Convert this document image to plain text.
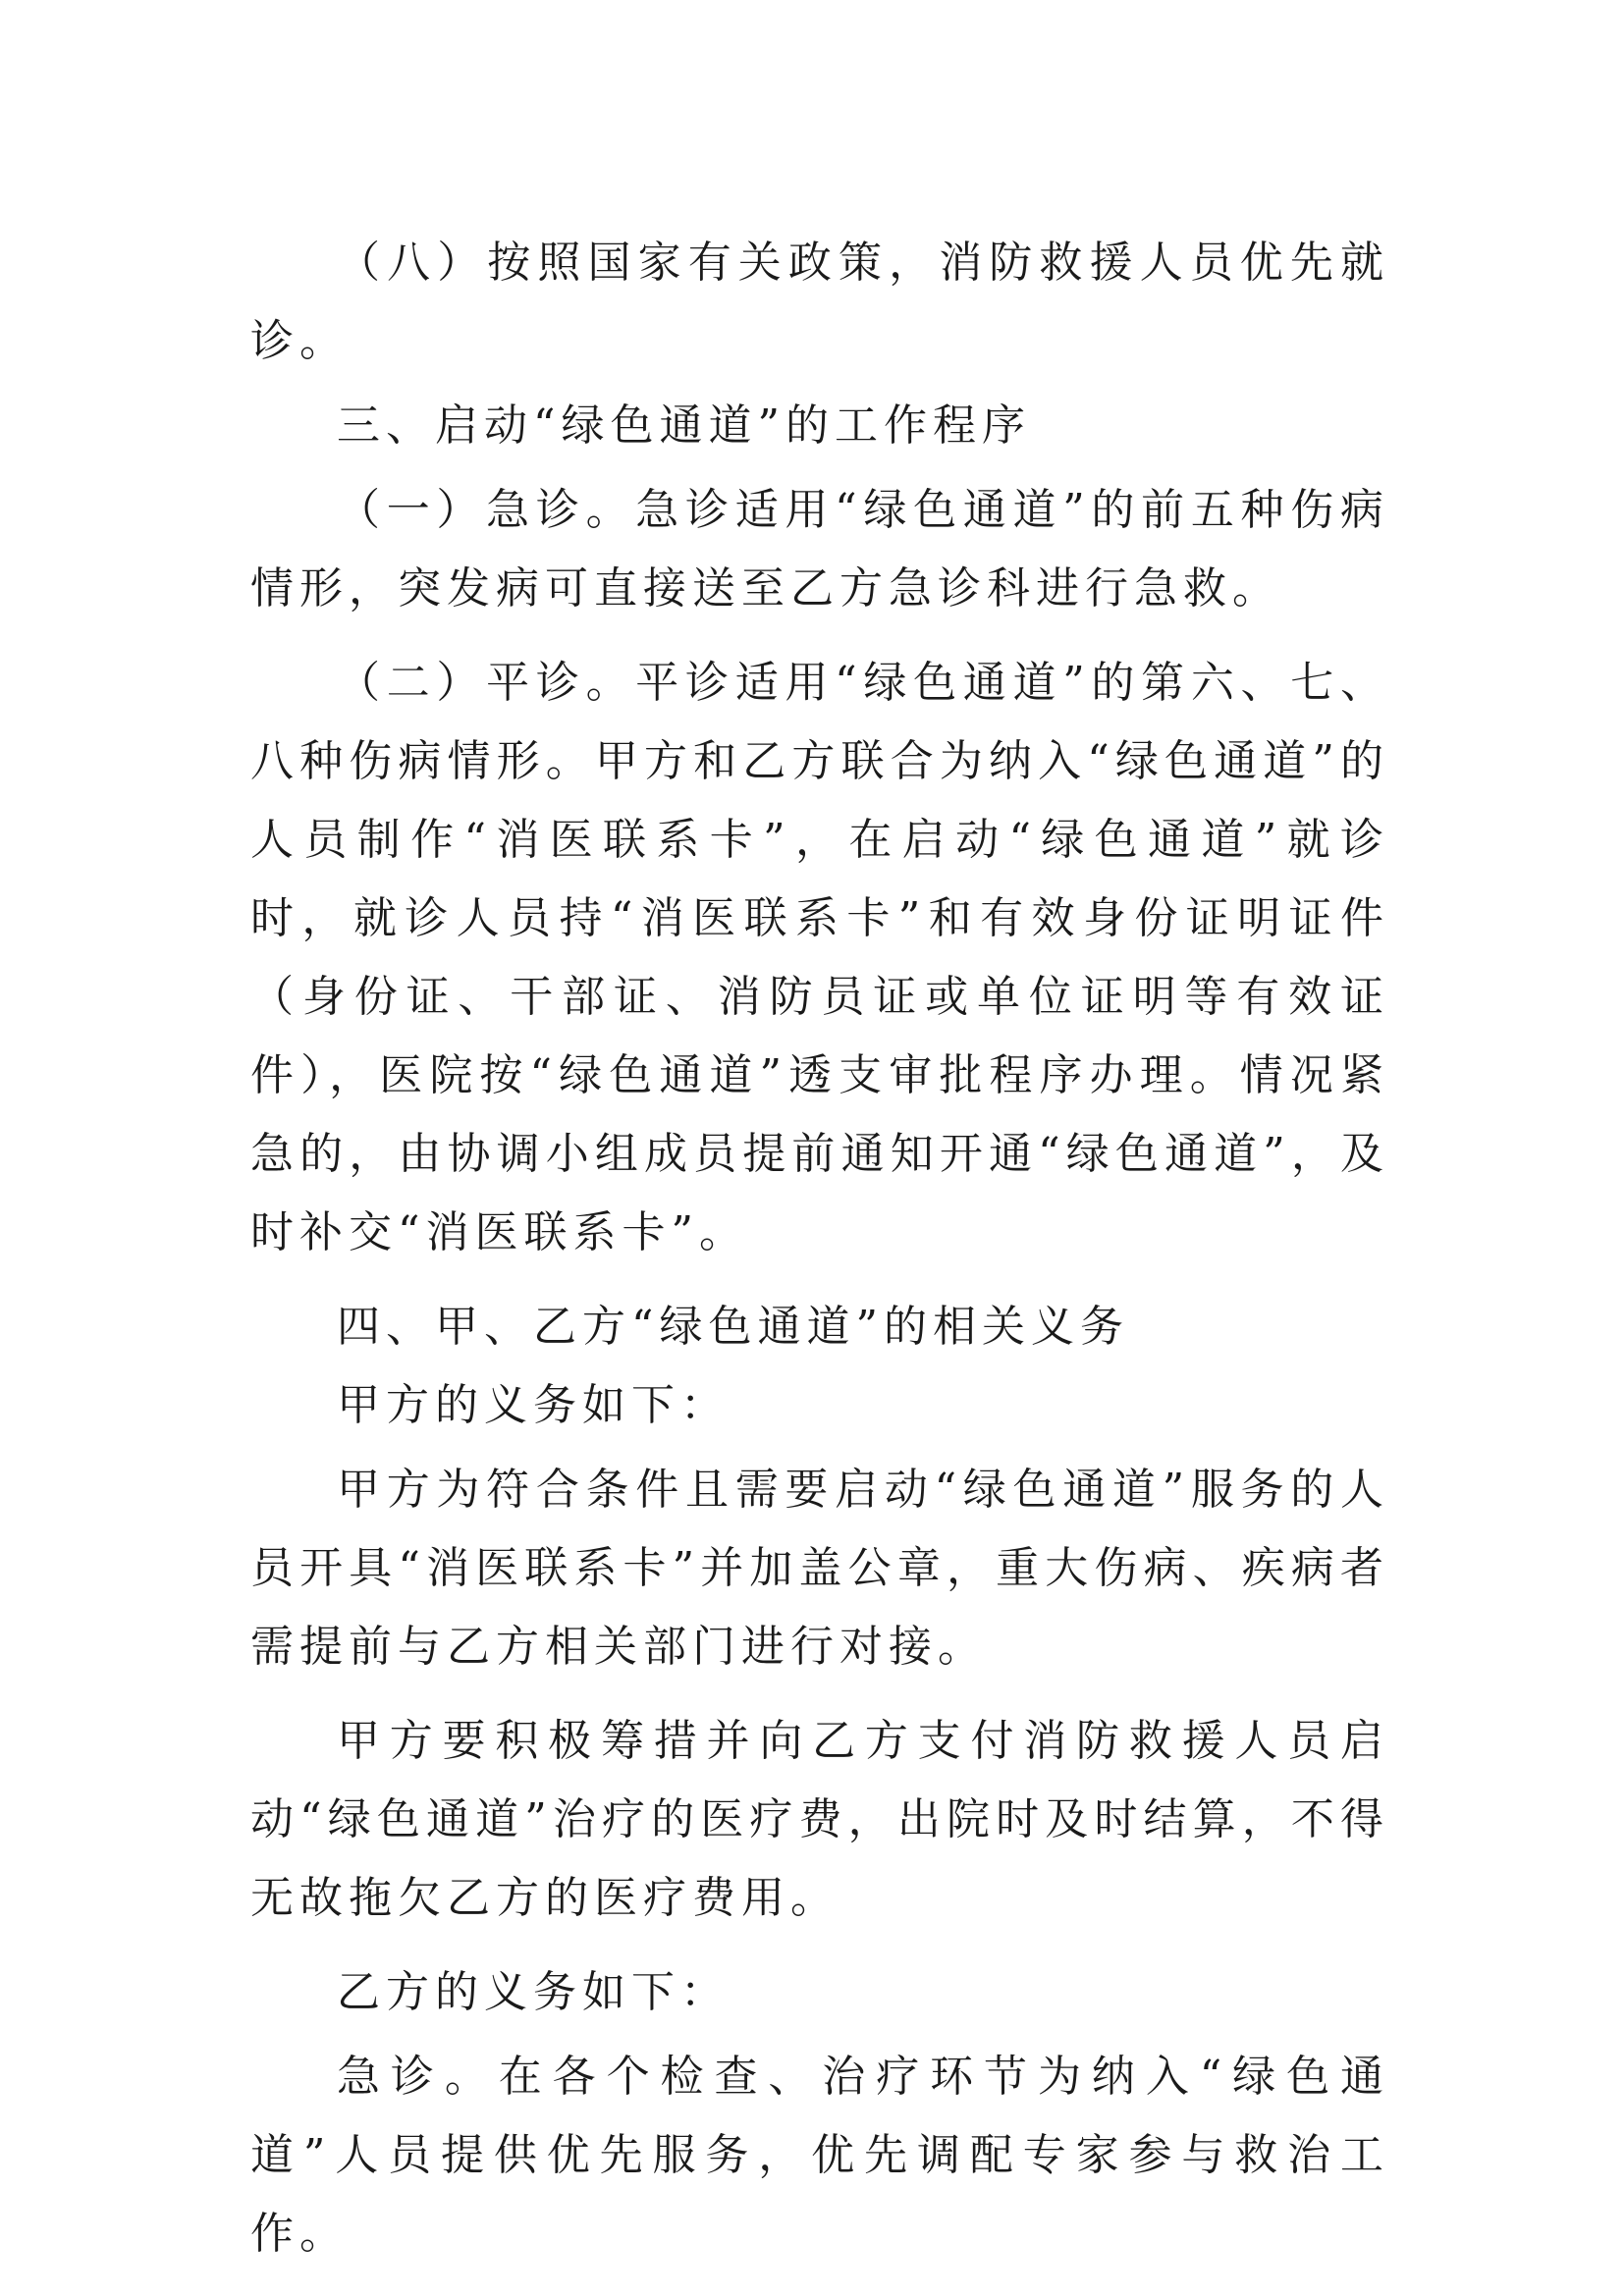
（八）按照国家有关政策，消防救援人员优先就诊。

三、启动“绿色通道”的工作程序

（一）急诊。急诊适用“绿色通道”的前五种伤病情形，突发病可直接送至乙方急诊科进行急救。

（二）平诊。平诊适用“绿色通道”的第六、七、八种伤病情形。甲方和乙方联合为纳入“绿色通道”的人员制作“消医联系卡”，在启动“绿色通道”就诊时，就诊人员持“消医联系卡”和有效身份证明证件（身份证、干部证、消防员证或单位证明等有效证件），医院按“绿色通道”透支审批程序办理。情况紧急的，由协调小组成员提前通知开通“绿色通道”，及时补交“消医联系卡”。

四、甲、乙方“绿色通道”的相关义务

甲方的义务如下：

甲方为符合条件且需要启动“绿色通道”服务的人员开具“消医联系卡”并加盖公章，重大伤病、疾病者需提前与乙方相关部门进行对接。

甲方要积极筹措并向乙方支付消防救援人员启动“绿色通道”治疗的医疗费，出院时及时结算，不得无故拖欠乙方的医疗费用。

乙方的义务如下：

急诊。在各个检查、治疗环节为纳入“绿色通道”人员提供优先服务，优先调配专家参与救治工作。
